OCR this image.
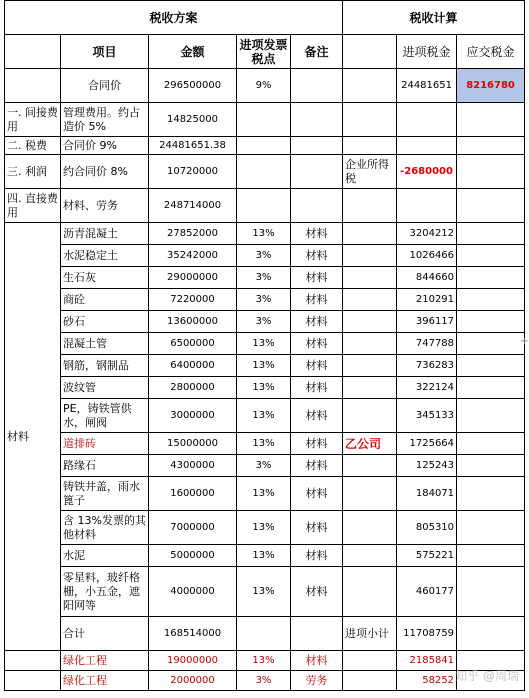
税收方案					税收计算		
	项目	金额	进项发票税点	备注		进项税金	应交税金
	合同价	296500000	9%			24481651	8216780
一. 间接费用	管理费用。约占造价 5%	14825000					
二. 税费	合同价 9%	24481651.38					
三. 利润	约合同价 8%	10720000			企业所得税	-2680000	
四. 直接费用	材料、劳务	248714000					
材料	沥青混凝土	27852000	13%	材料		3204212	
	水泥稳定土	35242000	3%	材料		1026466	
	生石灰	29000000	3%	材料		844660	
	商砼	7220000	3%	材料		210291	
	砂石	13600000	3%	材料		396117	
	混凝土管	6500000	13%	材料		747788	
	钢筋，钢制品	6400000	13%	材料		736283	
	波纹管	2800000	13%	材料		322124	
	PE，铸铁管供水，闸阀	3000000	13%	材料		345133	
	道排砖	15000000	13%	材料	乙公司	1725664	
	路缘石	4300000	3%	材料		125243	
	铸铁井盖，雨水篦子	1600000	13%	材料		184071	
	含 13%发票的其他材料	7000000	13%	材料		805310	
	水泥	5000000	13%	材料		575221	
	零星料，玻纤格栅，小五金，遮阳网等	4000000	13%	材料		460177	
	合计	168514000			进项小计	11708759	
	绿化工程	19000000	13%	材料		2185841	
	绿化工程	2000000	3%	劳务		58252	
+
知乎 @周瑞
